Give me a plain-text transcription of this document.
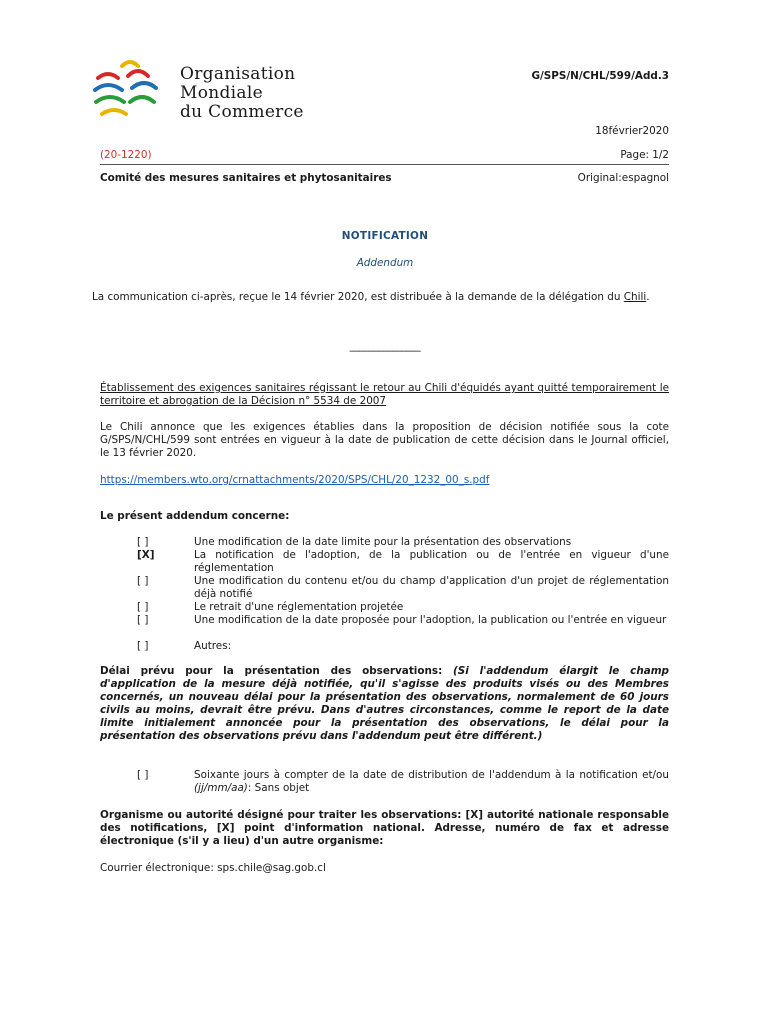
Organisation
Mondiale
du Commerce
G/SPS/N/CHL/599/Add.3
18février2020
(20-1220)	Page: 1/2
Comité des mesures sanitaires et phytosanitaires	Original:espagnol
NOTIFICATION
Addendum
La communication ci-après, reçue le 14 février 2020, est distribuée à la demande de la délégation du Chili.
_______________
Établissement des exigences sanitaires régissant le retour au Chili d'équidés ayant quitté temporairement le territoire et abrogation de la Décision n° 5534 de 2007
Le Chili annonce que les exigences établies dans la proposition de décision notifiée sous la cote G/SPS/N/CHL/599 sont entrées en vigueur à la date de publication de cette décision dans le Journal officiel, le 13 février 2020.
https://members.wto.org/crnattachments/2020/SPS/CHL/20_1232_00_s.pdf
Le présent addendum concerne:
[ ]	Une modification de la date limite pour la présentation des observations
[X]	La notification de l'adoption, de la publication ou de l'entrée en vigueur d'une réglementation
[ ]	Une modification du contenu et/ou du champ d'application d'un projet de réglementation déjà notifié
[ ]	Le retrait d'une réglementation projetée
[ ]	Une modification de la date proposée pour l'adoption, la publication ou l'entrée en vigueur
[ ]	Autres:
Délai prévu pour la présentation des observations: (Si l'addendum élargit le champ d'application de la mesure déjà notifiée, qu'il s'agisse des produits visés ou des Membres concernés, un nouveau délai pour la présentation des observations, normalement de 60 jours civils au moins, devrait être prévu. Dans d'autres circonstances, comme le report de la date limite initialement annoncée pour la présentation des observations, le délai pour la présentation des observations prévu dans l'addendum peut être différent.)
[ ]	Soixante jours à compter de la date de distribution de l'addendum à la notification et/ou (jj/mm/aa): Sans objet
Organisme ou autorité désigné pour traiter les observations: [X] autorité nationale responsable des notifications, [X] point d'information national. Adresse, numéro de fax et adresse électronique (s'il y a lieu) d'un autre organisme:
Courrier électronique: sps.chile@sag.gob.cl
